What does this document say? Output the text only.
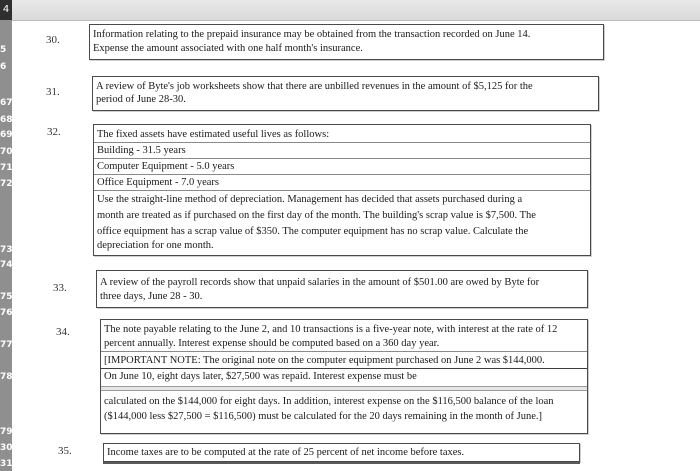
4
5
6
67
68
69
70
71
72
73
74
75
76
77
78
79
30
31
30.	Information relating to the prepaid insurance may be obtained from the transaction recorded on June 14.
Expense the amount associated with one half month's insurance.
31.	A review of Byte's job worksheets show that there are unbilled revenues in the amount of $5,125 for the
period of June 28-30.
32.	The fixed assets have estimated useful lives as follows:
Building - 31.5 years
Computer Equipment - 5.0 years
Office Equipment - 7.0 years
Use the straight-line method of depreciation. Management has decided that assets purchased during a
month are treated as if purchased on the first day of the month. The building's scrap value is $7,500. The
office equipment has a scrap value of $350. The computer equipment has no scrap value. Calculate the
depreciation for one month.
33.	A review of the payroll records show that unpaid salaries in the amount of $501.00 are owed by Byte for
three days, June 28 - 30.
34.	The note payable relating to the June 2, and 10 transactions is a five-year note, with interest at the rate of 12
percent annually. Interest expense should be computed based on a 360 day year.
[IMPORTANT NOTE: The original note on the computer equipment purchased on June 2 was $144,000.
On June 10, eight days later, $27,500 was repaid. Interest expense must be
calculated on the $144,000 for eight days. In addition, interest expense on the $116,500 balance of the loan
($144,000 less $27,500 = $116,500) must be calculated for the 20 days remaining in the month of June.]
35.	Income taxes are to be computed at the rate of 25 percent of net income before taxes.
